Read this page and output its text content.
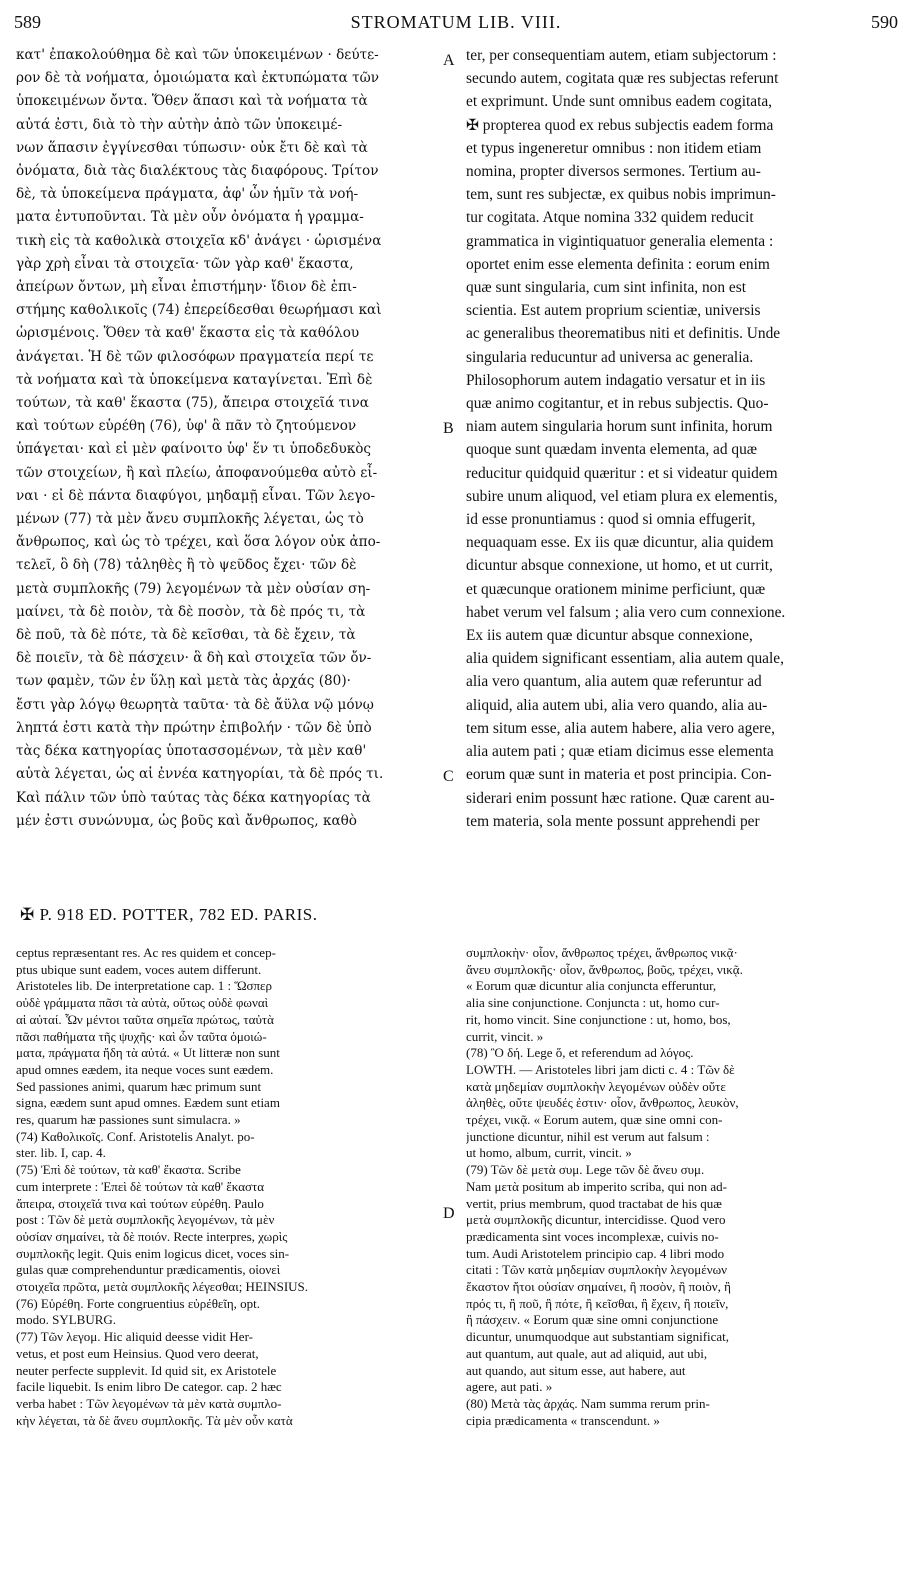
589	STROMATUM LIB. VIII.	590
κατ' ἐπακολούθημα δὲ καὶ τῶν ὑποκειμένων · δεύτε-
ρον δὲ τὰ νοήματα, ὁμοιώματα καὶ ἐκτυπώματα τῶν
ὑποκειμένων ὄντα. Ὅθεν ἅπασι καὶ τὰ νοήματα τὰ
αὐτά ἐστι, διὰ τὸ τὴν αὐτὴν ἀπὸ τῶν ὑποκειμέ-
νων ἅπασιν ἐγγίνεσθαι τύπωσιν· οὐκ ἔτι δὲ καὶ τὰ
ὀνόματα, διὰ τὰς διαλέκτους τὰς διαφόρους. Τρίτον
δὲ, τὰ ὑποκείμενα πράγματα, ἀφ' ὧν ἡμῖν τὰ νοή-
ματα ἐντυποῦνται. Τὰ μὲν οὖν ὀνόματα ἡ γραμμα-
τικὴ εἰς τὰ καθολικὰ στοιχεῖα κδ' ἀνάγει · ὡρισμένα
γὰρ χρὴ εἶναι τὰ στοιχεῖα· τῶν γὰρ καθ' ἕκαστα,
ἀπείρων ὄντων, μὴ εἶναι ἐπιστήμην· ἴδιον δὲ ἐπι-
στήμης καθολικοῖς (74) ἐπερείδεσθαι θεωρήμασι καὶ
ὡρισμένοις. Ὅθεν τὰ καθ' ἕκαστα εἰς τὰ καθόλου
ἀνάγεται. Ἡ δὲ τῶν φιλοσόφων πραγματεία περί τε
τὰ νοήματα καὶ τὰ ὑποκείμενα καταγίνεται. Ἐπὶ δὲ
τούτων, τὰ καθ' ἕκαστα (75), ἄπειρα στοιχεῖά τινα
καὶ τούτων εὑρέθη (76), ὑφ' ἃ πᾶν τὸ ζητούμενον
ὑπάγεται· καὶ εἰ μὲν φαίνοιτο ὑφ' ἕν τι ὑποδεδυκὸς
τῶν στοιχείων, ἢ καὶ πλείω, ἀποφανούμεθα αὐτὸ εἶ-
ναι · εἰ δὲ πάντα διαφύγοι, μηδαμῇ εἶναι. Τῶν λεγο-
μένων (77) τὰ μὲν ἄνευ συμπλοκῆς λέγεται, ὡς τὸ
ἄνθρωπος, καὶ ὡς τὸ τρέχει, καὶ ὅσα λόγον οὐκ ἀπο-
τελεῖ, ὃ δὴ (78) τἀληθὲς ἢ τὸ ψεῦδος ἔχει· τῶν δὲ
μετὰ συμπλοκῆς (79) λεγομένων τὰ μὲν οὐσίαν ση-
μαίνει, τὰ δὲ ποιὸν, τὰ δὲ ποσὸν, τὰ δὲ πρός τι, τὰ
δὲ ποῦ, τὰ δὲ πότε, τὰ δὲ κεῖσθαι, τὰ δὲ ἔχειν, τὰ
δὲ ποιεῖν, τὰ δὲ πάσχειν· ἃ δὴ καὶ στοιχεῖα τῶν ὄν-
των φαμὲν, τῶν ἐν ὕλῃ καὶ μετὰ τὰς ἀρχάς (80)·
ἔστι γὰρ λόγῳ θεωρητὰ ταῦτα· τὰ δὲ ἄϋλα νῷ μόνῳ
ληπτά ἐστι κατὰ τὴν πρώτην ἐπιβολήν · τῶν δὲ ὑπὸ
τὰς δέκα κατηγορίας ὑποτασσομένων, τὰ μὲν καθ'
αὑτὰ λέγεται, ὡς αἱ ἐννέα κατηγορίαι, τὰ δὲ πρός τι.
Καὶ πάλιν τῶν ὑπὸ ταύτας τὰς δέκα κατηγορίας τὰ
μέν ἐστι συνώνυμα, ὡς βοῦς καὶ ἄνθρωπος, καθὸ
ter, per consequentiam autem, etiam subjectorum :
secundo autem, cogitata quæ res subjectas referunt
et exprimunt. Unde sunt omnibus eadem cogitata,
✠ propterea quod ex rebus subjectis eadem forma
et typus ingeneretur omnibus : non itidem etiam
nomina, propter diversos sermones. Tertium au-
tem, sunt res subjectæ, ex quibus nobis imprimun-
tur cogitata. Atque nomina 332 quidem reducit
grammatica in vigintiquatuor generalia elementa :
oportet enim esse elementa definita : eorum enim
quæ sunt singularia, cum sint infinita, non est
scientia. Est autem proprium scientiæ, universis
ac generalibus theorematibus niti et definitis. Unde
singularia reducuntur ad universa ac generalia.
Philosophorum autem indagatio versatur et in iis
quæ animo cogitantur, et in rebus subjectis. Quo-
niam autem singularia horum sunt infinita, horum
quoque sunt quædam inventa elementa, ad quæ
reducitur quidquid quæritur : et si videatur quidem
subire unum aliquod, vel etiam plura ex elementis,
id esse pronuntiamus : quod si omnia effugerit,
nequaquam esse. Ex iis quæ dicuntur, alia quidem
dicuntur absque connexione, ut homo, et ut currit,
et quæcunque orationem minime perficiunt, quæ
habet verum vel falsum ; alia vero cum connexione.
Ex iis autem quæ dicuntur absque connexione,
alia quidem significant essentiam, alia autem quale,
alia vero quantum, alia autem quæ referuntur ad
aliquid, alia autem ubi, alia vero quando, alia au-
tem situm esse, alia autem habere, alia vero agere,
alia autem pati ; quæ etiam dicimus esse elementa
eorum quæ sunt in materia et post principia. Con-
siderari enim possunt hæc ratione. Quæ carent au-
tem materia, sola mente possunt apprehendi per
A
B
C
D
✠ P. 918 ED. POTTER, 782 ED. PARIS.
ceptus repræsentant res. Ac res quidem et concep-
ptus ubique sunt eadem, voces autem differunt.
Aristoteles lib. De interpretatione cap. 1 : Ὥσπερ
οὐδὲ γράμματα πᾶσι τὰ αὐτὰ, οὕτως οὐδὲ φωναὶ
αἱ αὐταί. Ὧν μέντοι ταῦτα σημεῖα πρώτως, ταὐτὰ
πᾶσι παθήματα τῆς ψυχῆς· καὶ ὧν ταῦτα ὁμοιώ-
ματα, πράγματα ἤδη τὰ αὐτά. « Ut litteræ non sunt
apud omnes eædem, ita neque voces sunt eædem.
Sed passiones animi, quarum hæc primum sunt
signa, eædem sunt apud omnes. Eædem sunt etiam
res, quarum hæ passiones sunt simulacra. »
(74) Καθολικοῖς. Conf. Aristotelis Analyt. po-
ster. lib. I, cap. 4.
(75) Ἐπὶ δὲ τούτων, τὰ καθ' ἕκαστα. Scribe
cum interprete : Ἐπεὶ δὲ τούτων τὰ καθ' ἕκαστα
ἄπειρα, στοιχεῖά τινα καὶ τούτων εὑρέθη. Paulo
post : Τῶν δὲ μετὰ συμπλοκῆς λεγομένων, τὰ μὲν
οὐσίαν σημαίνει, τὰ δὲ ποιόν. Recte interpres, χωρὶς
συμπλοκῆς legit. Quis enim logicus dicet, voces sin-
gulas quæ comprehenduntur prædicamentis, οἱονεὶ
στοιχεῖα πρῶτα, μετὰ συμπλοκῆς λέγεσθαι; HEINSIUS.
(76) Εὑρέθη. Forte congruentius εὑρέθεῖη, opt.
modo. SYLBURG.
(77) Τῶν λεγομ. Hic aliquid deesse vidit Her-
vetus, et post eum Heinsius. Quod vero deerat,
neuter perfecte supplevit. Id quid sit, ex Aristotele
facile liquebit. Is enim libro De categor. cap. 2 hæc
verba habet : Τῶν λεγομένων τὰ μὲν κατὰ συμπλο-
κὴν λέγεται, τὰ δὲ ἄνευ συμπλοκῆς. Τὰ μὲν οὖν κατὰ
συμπλοκὴν· οἷον, ἄνθρωπος τρέχει, ἄνθρωπος νικᾷ·
ἄνευ συμπλοκῆς· οἷον, ἄνθρωπος, βοῦς, τρέχει, νικᾷ.
« Eorum quæ dicuntur alia conjuncta efferuntur,
alia sine conjunctione. Conjuncta : ut, homo cur-
rit, homo vincit. Sine conjunctione : ut, homo, bos,
currit, vincit. »
(78) Ὃ δή. Lege ὅ, et referendum ad λόγος.
LOWTH. — Aristoteles libri jam dicti c. 4 : Τῶν δὲ
κατὰ μηδεμίαν συμπλοκὴν λεγομένων οὐδὲν οὔτε
ἀληθὲς, οὔτε ψευδές ἐστιν· οἷον, ἄνθρωπος, λευκὸν,
τρέχει, νικᾷ. « Eorum autem, quæ sine omni con-
junctione dicuntur, nihil est verum aut falsum :
ut homo, album, currit, vincit. »
(79) Τῶν δὲ μετὰ συμ. Lege τῶν δὲ ἄνευ συμ.
Nam μετὰ positum ab imperito scriba, qui non ad-
vertit, prius membrum, quod tractabat de his quæ
μετὰ συμπλοκῆς dicuntur, intercidisse. Quod vero
prædicamenta sint voces incomplexæ, cuivis no-
tum. Audi Aristotelem principio cap. 4 libri modo
citati : Τῶν κατὰ μηδεμίαν συμπλοκὴν λεγομένων
ἕκαστον ἤτοι οὐσίαν σημαίνει, ἢ ποσὸν, ἢ ποιὸν, ἢ
πρός τι, ἢ ποῦ, ἢ πότε, ἢ κεῖσθαι, ἢ ἔχειν, ἢ ποιεῖν,
ἢ πάσχειν. « Eorum quæ sine omni conjunctione
dicuntur, unumquodque aut substantiam significat,
aut quantum, aut quale, aut ad aliquid, aut ubi,
aut quando, aut situm esse, aut habere, aut
agere, aut pati. »
(80) Μετὰ τὰς ἀρχάς. Nam summa rerum prin-
cipia prædicamenta « transcendunt. »
